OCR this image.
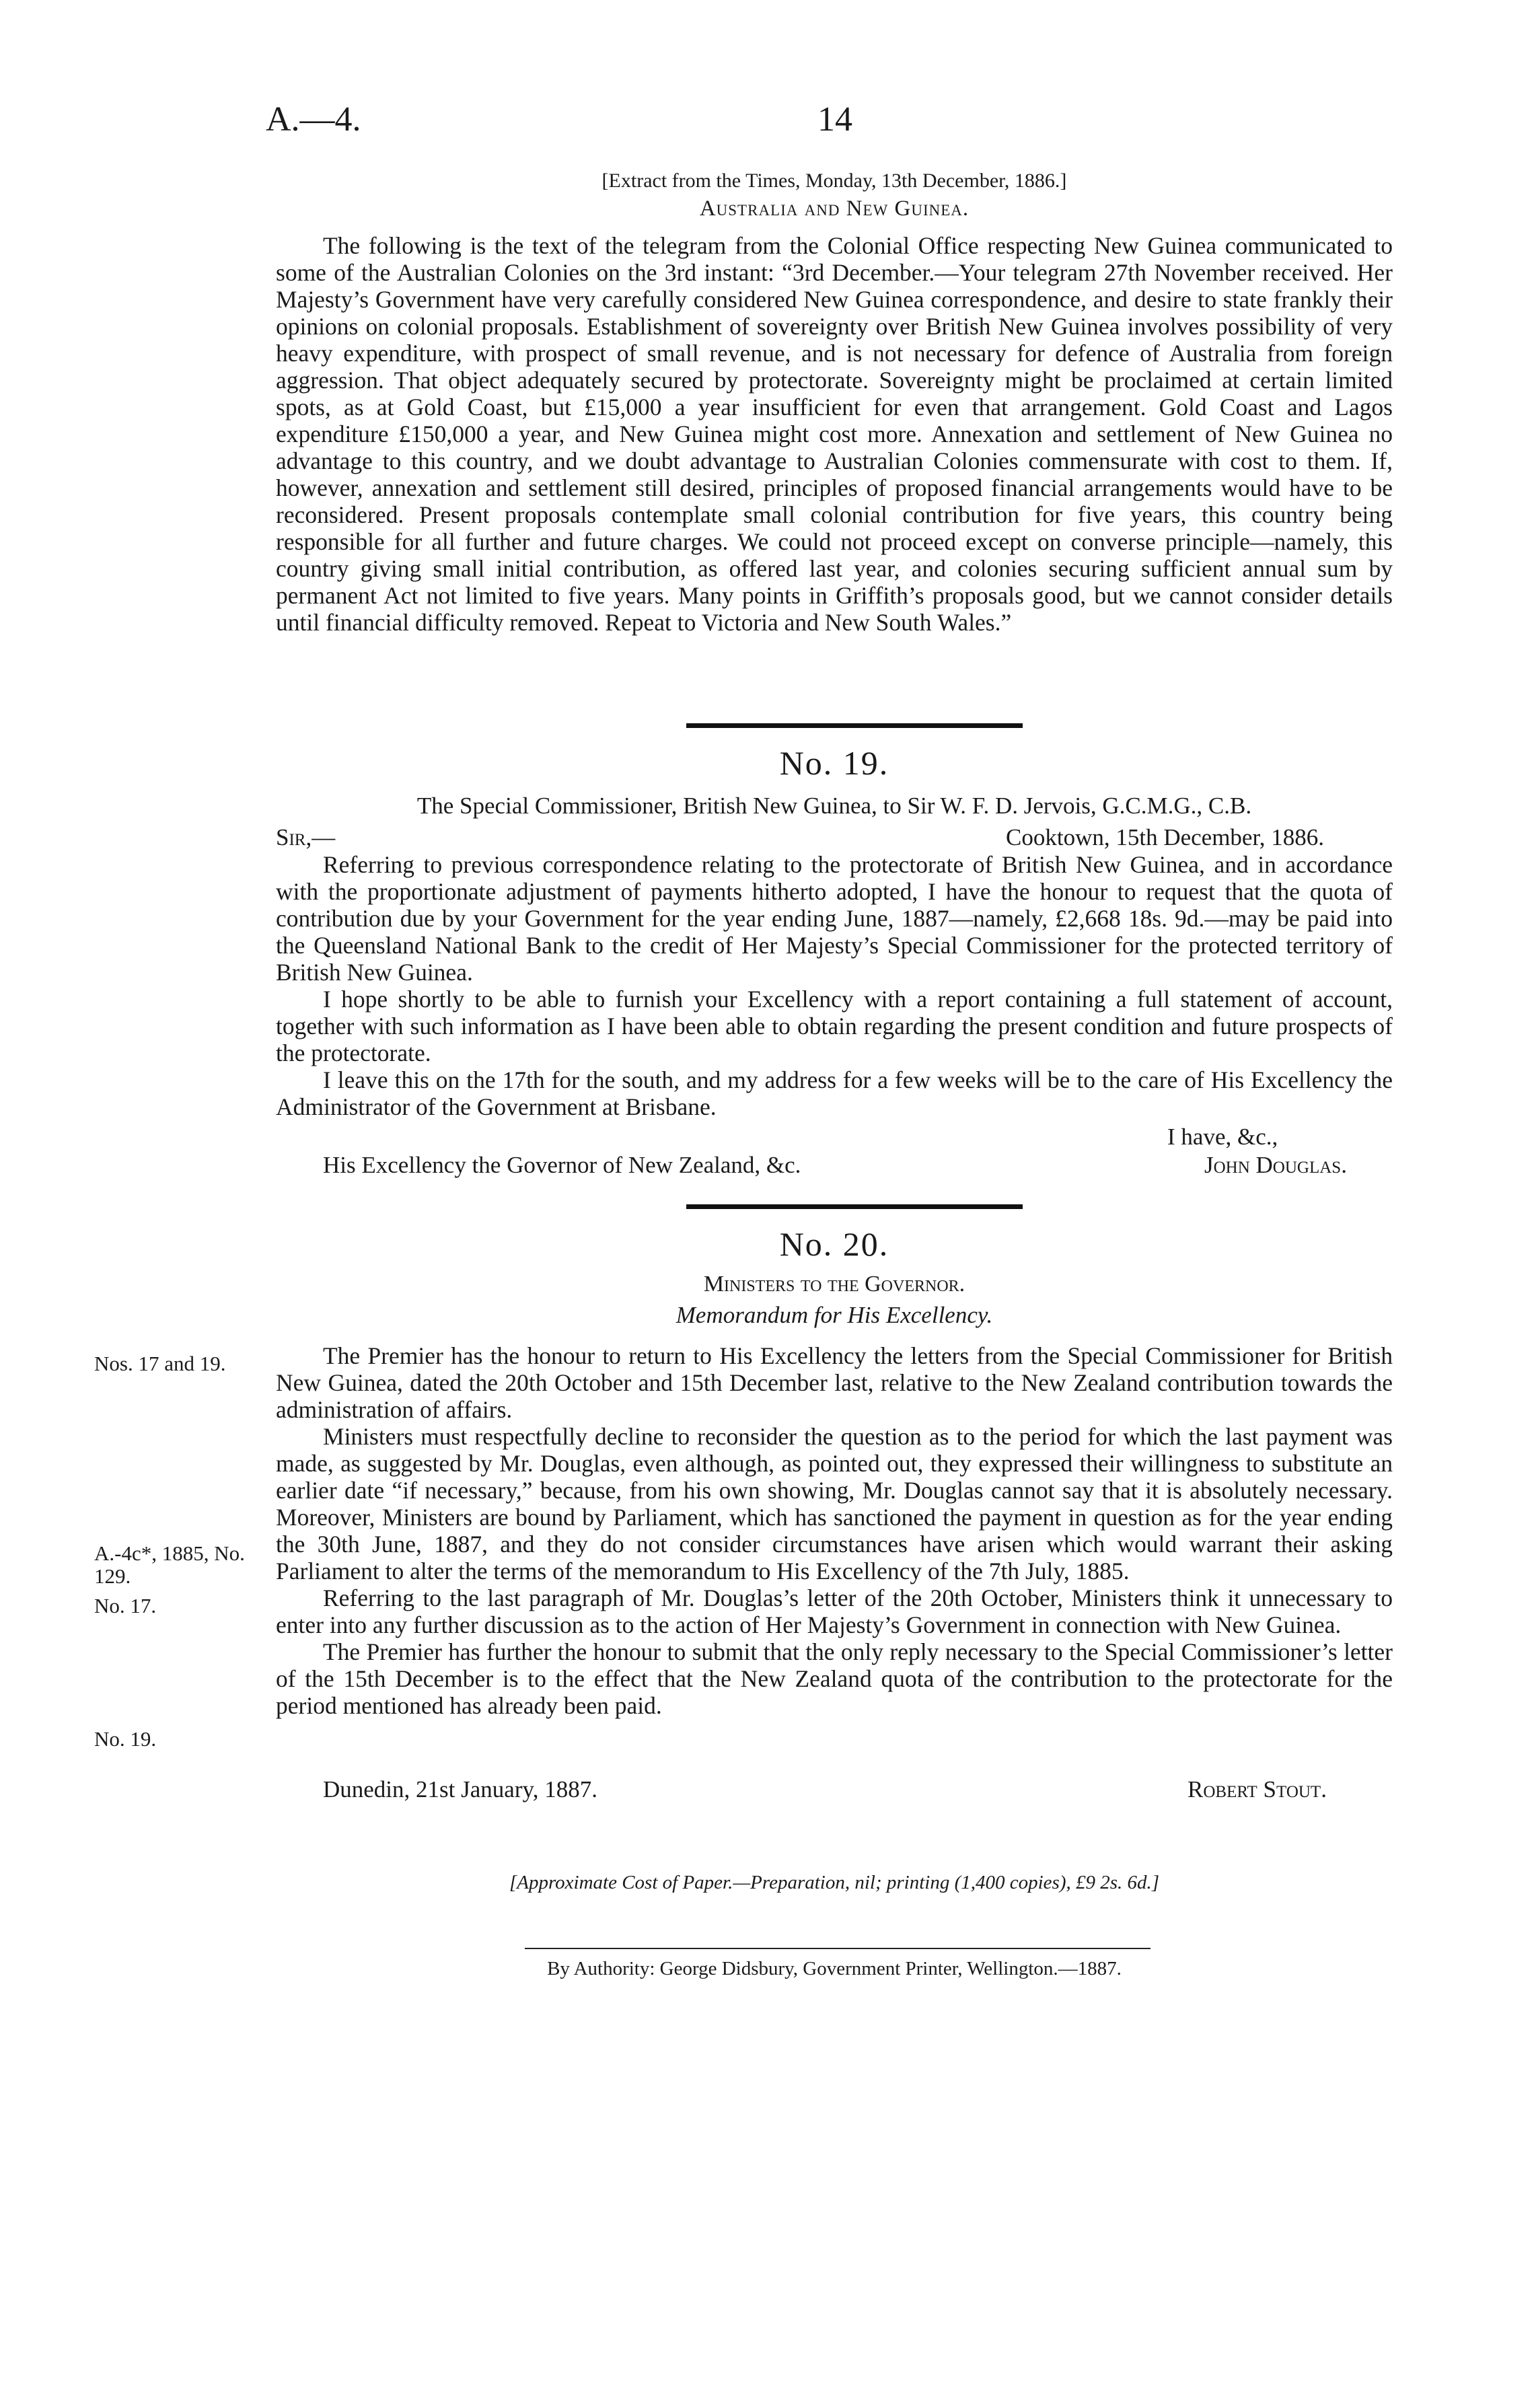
A.—4.	14
[Extract from the Times, Monday, 13th December, 1886.]
Australia and New Guinea.

The following is the text of the telegram from the Colonial Office respecting New Guinea communicated to some of the Australian Colonies on the 3rd instant: “3rd December.—Your telegram 27th November received. Her Majesty’s Government have very carefully considered New Guinea correspondence, and desire to state frankly their opinions on colonial proposals. Establishment of sovereignty over British New Guinea involves possibility of very heavy expenditure, with prospect of small revenue, and is not necessary for defence of Australia from foreign aggression. That object adequately secured by protectorate. Sovereignty might be proclaimed at certain limited spots, as at Gold Coast, but £15,000 a year insufficient for even that arrangement. Gold Coast and Lagos expenditure £150,000 a year, and New Guinea might cost more. Annexation and settlement of New Guinea no advantage to this country, and we doubt advantage to Australian Colonies commensurate with cost to them. If, however, annexation and settlement still desired, principles of proposed financial arrangements would have to be reconsidered. Present proposals contemplate small colonial contribution for five years, this country being responsible for all further and future charges. We could not proceed except on converse principle—namely, this country giving small initial contribution, as offered last year, and colonies securing sufficient annual sum by permanent Act not limited to five years. Many points in Griffith’s proposals good, but we cannot consider details until financial difficulty removed. Repeat to Victoria and New South Wales.”

No. 19.
The Special Commissioner, British New Guinea, to Sir W. F. D. Jervois, G.C.M.G., C.B.
Sir,—	Cooktown, 15th December, 1886.

Referring to previous correspondence relating to the protectorate of British New Guinea, and in accordance with the proportionate adjustment of payments hitherto adopted, I have the honour to request that the quota of contribution due by your Government for the year ending June, 1887—namely, £2,668 18s. 9d.—may be paid into the Queensland National Bank to the credit of Her Majesty’s Special Commissioner for the protected territory of British New Guinea.

I hope shortly to be able to furnish your Excellency with a report containing a full statement of account, together with such information as I have been able to obtain regarding the present condition and future prospects of the protectorate.

I leave this on the 17th for the south, and my address for a few weeks will be to the care of His Excellency the Administrator of the Government at Brisbane.

I have, &c.,
His Excellency the Governor of New Zealand, &c.	John Douglas.
No. 20.
Ministers to the Governor.
Memorandum for His Excellency.
Nos. 17 and 19.
A.-4c*, 1885, No. 129.
No. 17.
No. 19.

The Premier has the honour to return to His Excellency the letters from the Special Commissioner for British New Guinea, dated the 20th October and 15th December last, relative to the New Zealand contribution towards the administration of affairs.

Ministers must respectfully decline to reconsider the question as to the period for which the last payment was made, as suggested by Mr. Douglas, even although, as pointed out, they expressed their willingness to substitute an earlier date “if necessary,” because, from his own showing, Mr. Douglas cannot say that it is absolutely necessary. Moreover, Ministers are bound by Parliament, which has sanctioned the payment in question as for the year ending the 30th June, 1887, and they do not consider circumstances have arisen which would warrant their asking Parliament to alter the terms of the memorandum to His Excellency of the 7th July, 1885.

Referring to the last paragraph of Mr. Douglas’s letter of the 20th October, Ministers think it unnecessary to enter into any further discussion as to the action of Her Majesty’s Government in connection with New Guinea.

The Premier has further the honour to submit that the only reply necessary to the Special Commissioner’s letter of the 15th December is to the effect that the New Zealand quota of the contribution to the protectorate for the period mentioned has already been paid.

Dunedin, 21st January, 1887.	Robert Stout.
[Approximate Cost of Paper.—Preparation, nil; printing (1,400 copies), £9 2s. 6d.]
By Authority: George Didsbury, Government Printer, Wellington.—1887.
